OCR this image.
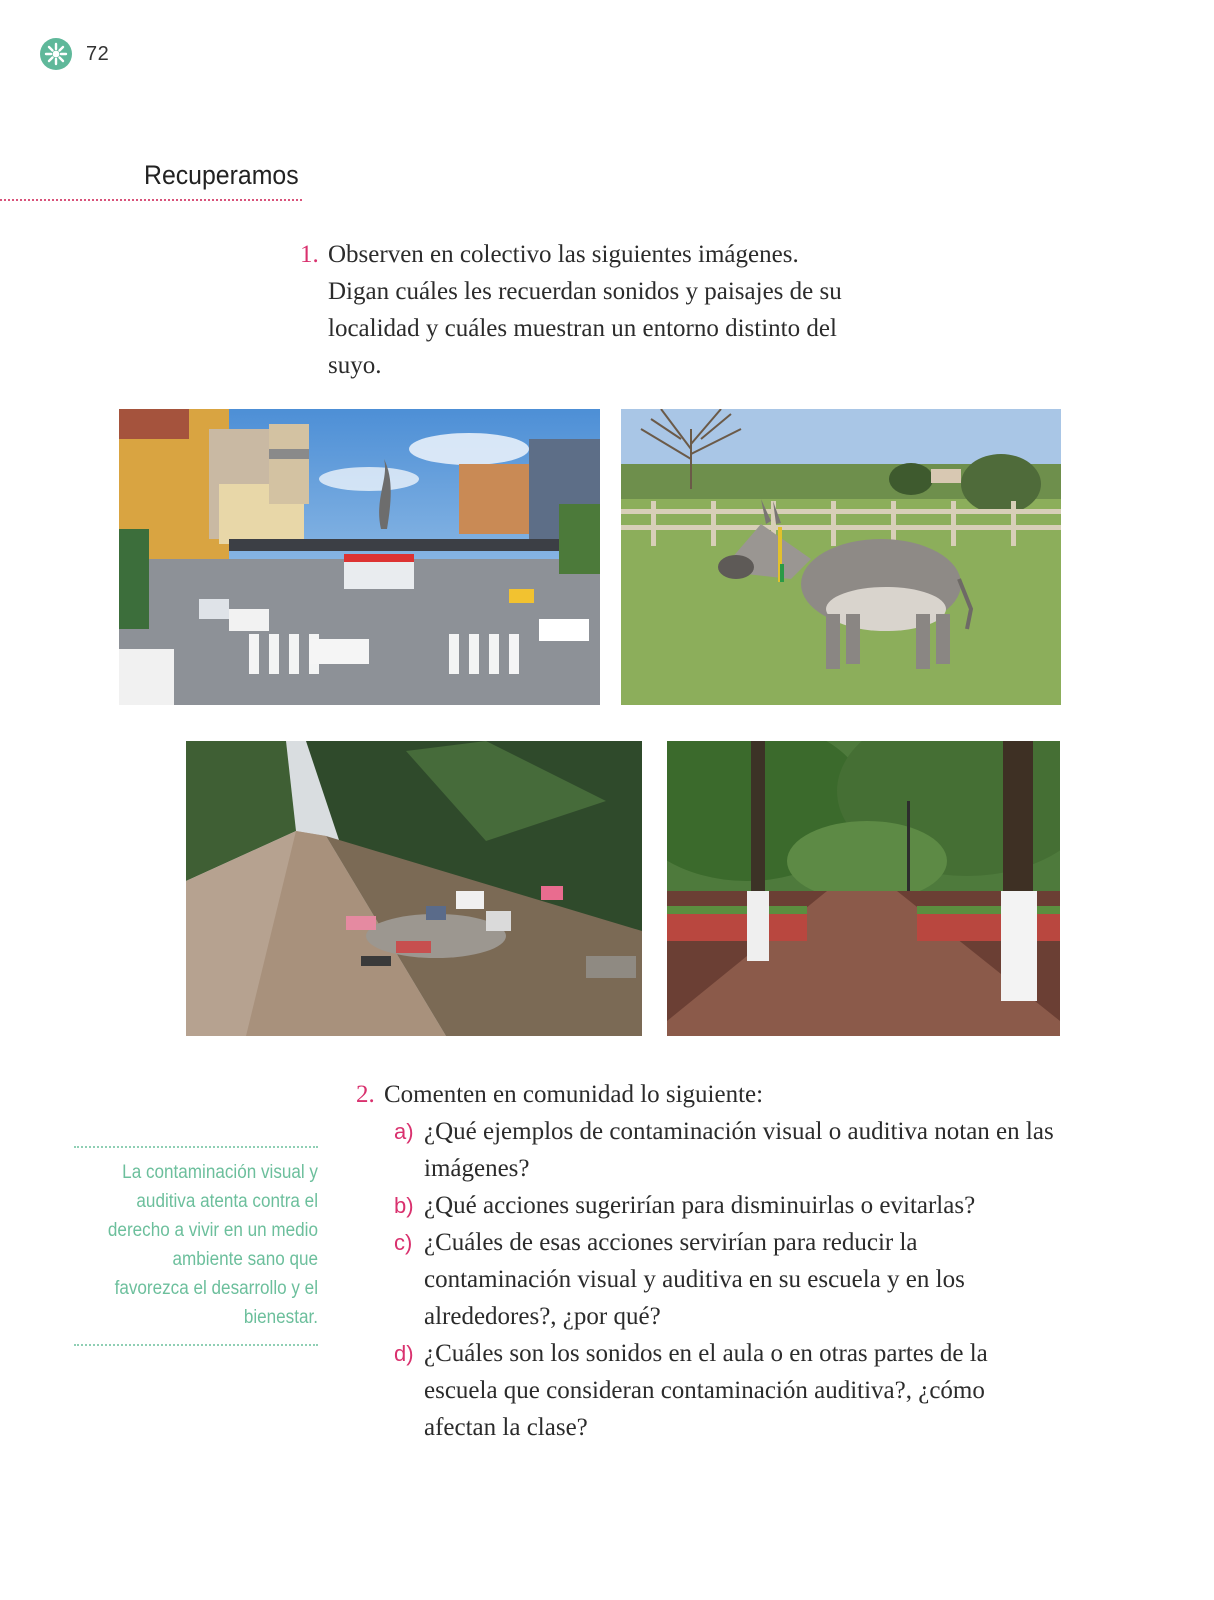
72
Recuperamos
1. Observen en colectivo las siguientes imágenes. Digan cuáles les recuerdan sonidos y paisajes de su localidad y cuáles muestran un entorno distinto del suyo.
La contaminación visual y auditiva atenta contra el derecho a vivir en un medio ambiente sano que favorezca el desarrollo y el bienestar.
2. Comenten en comunidad lo siguiente:
a) ¿Qué ejemplos de contaminación visual o auditiva notan en las imágenes?
b) ¿Qué acciones sugerirían para disminuirlas o evitarlas?
c) ¿Cuáles de esas acciones servirían para reducir la contaminación visual y auditiva en su escuela y en los alrededores?, ¿por qué?
d) ¿Cuáles son los sonidos en el aula o en otras partes de la escuela que consideran contaminación auditiva?, ¿cómo afectan la clase?
